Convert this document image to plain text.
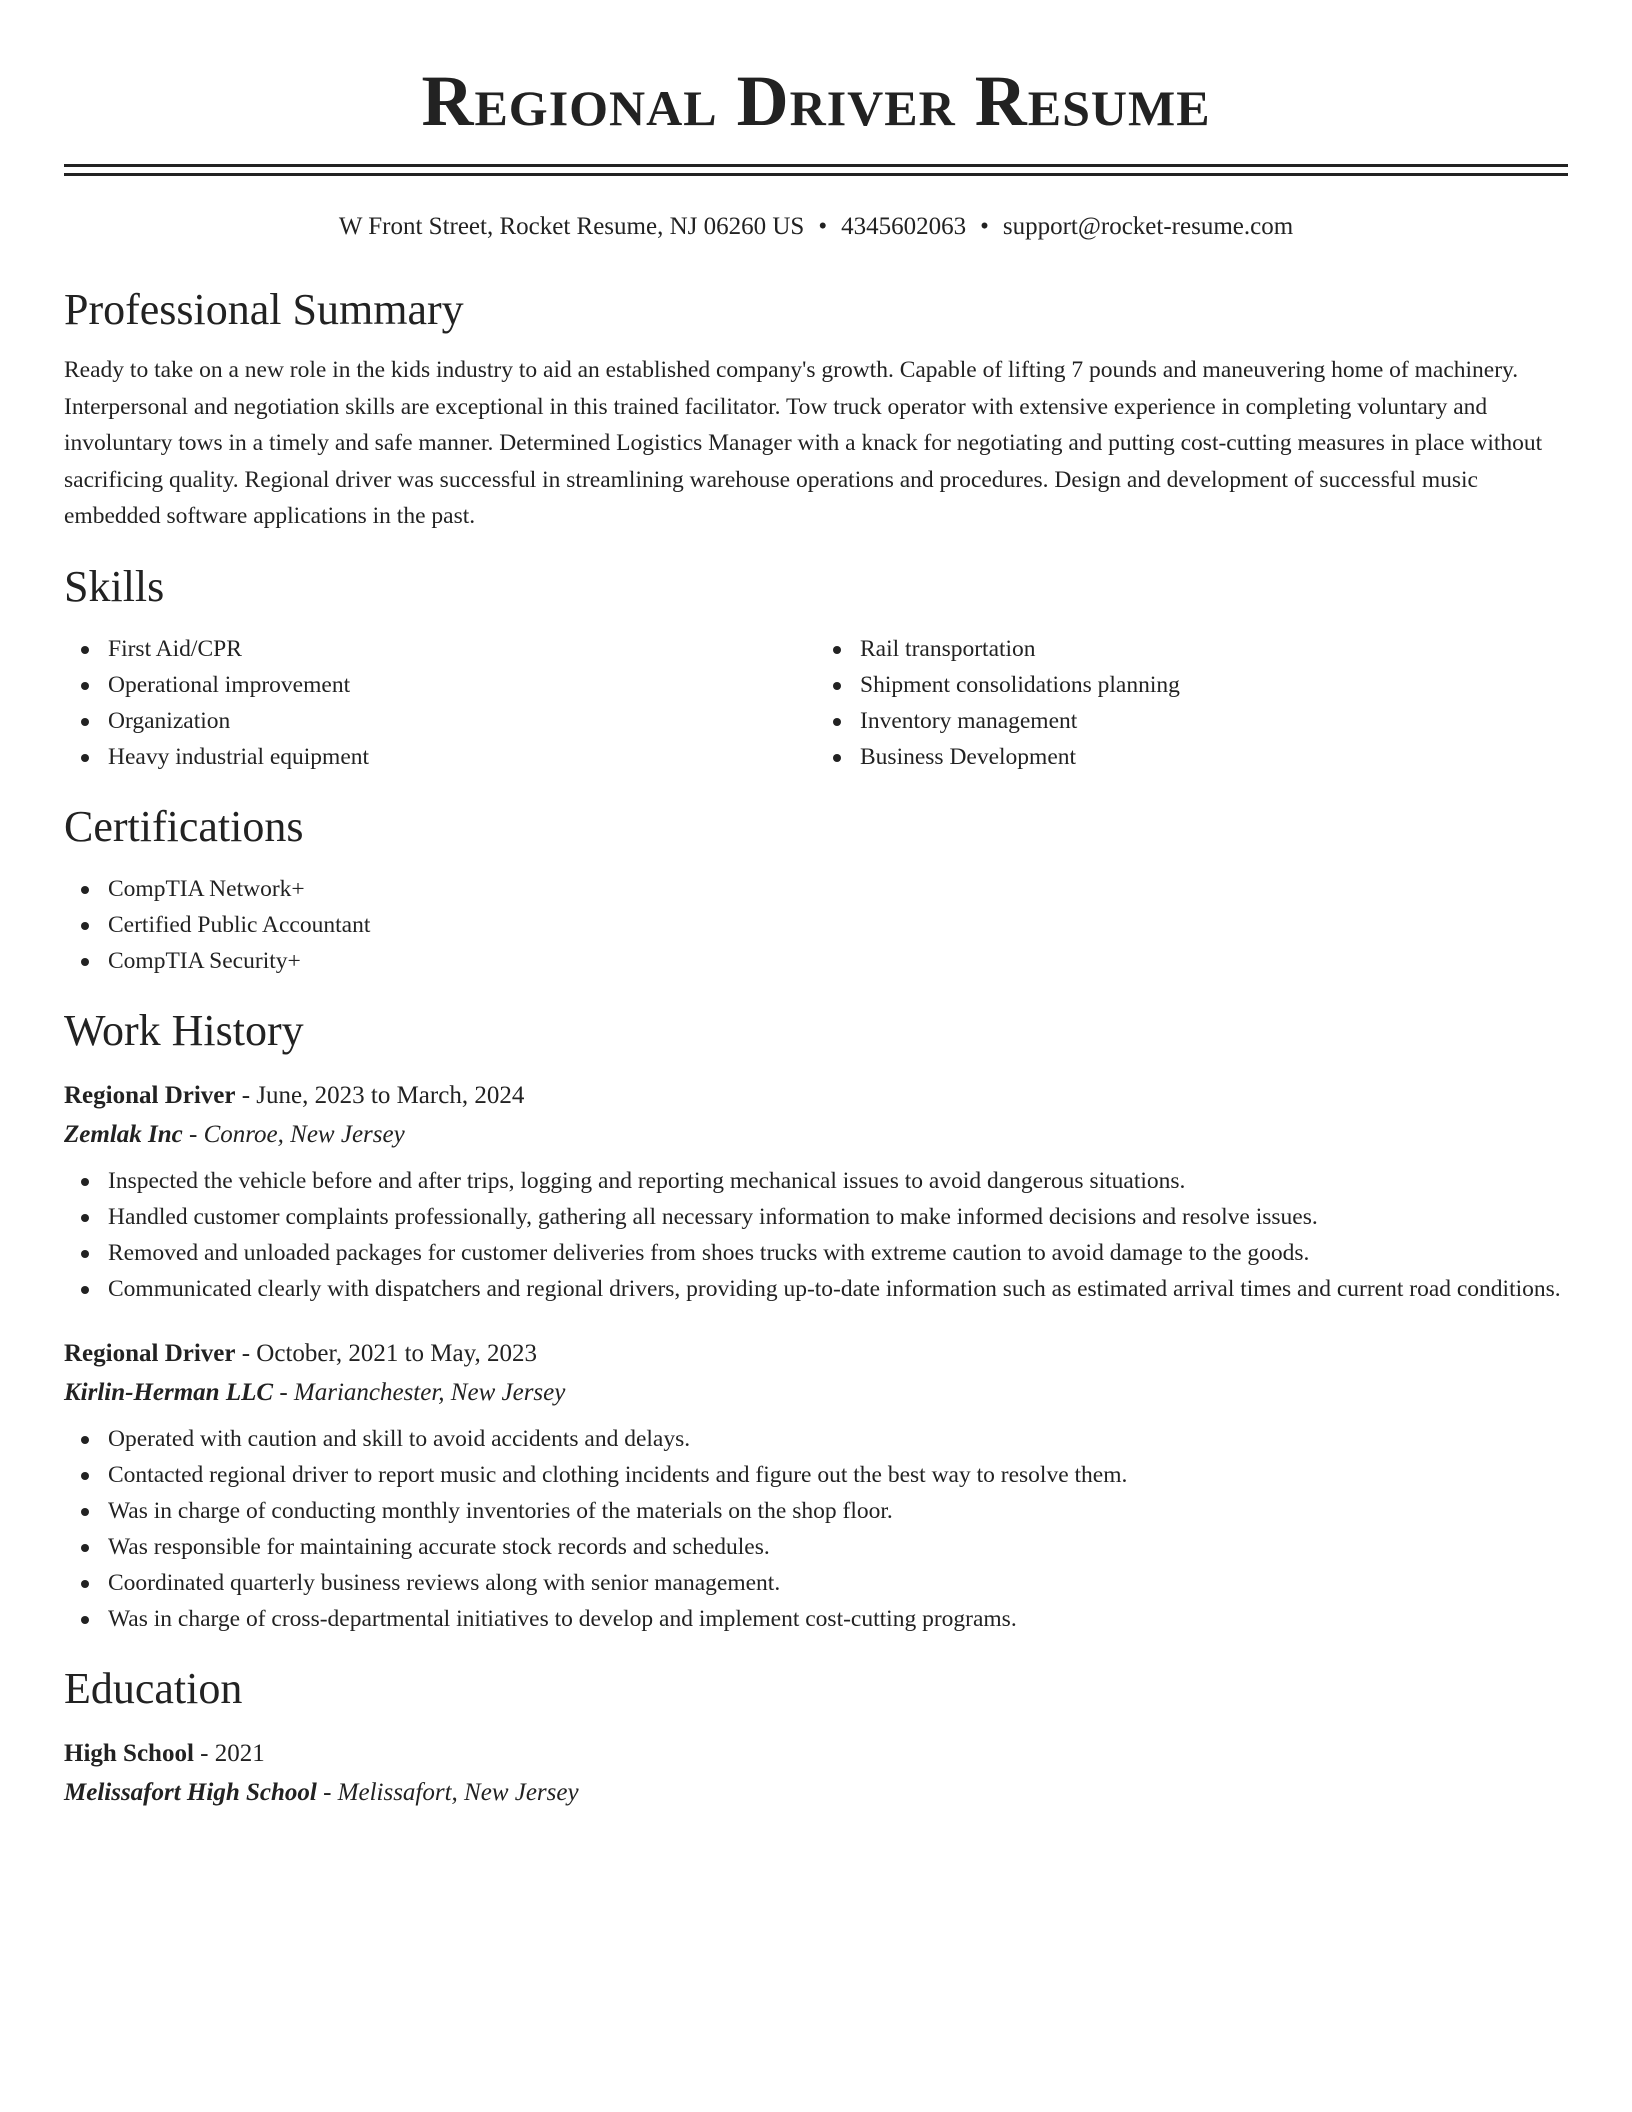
Regional Driver Resume
W Front Street, Rocket Resume, NJ 06260 US • 4345602063 • support@rocket-resume.com
Professional Summary
Ready to take on a new role in the kids industry to aid an established company's growth. Capable of lifting 7 pounds and maneuvering home of machinery. Interpersonal and negotiation skills are exceptional in this trained facilitator. Tow truck operator with extensive experience in completing voluntary and involuntary tows in a timely and safe manner. Determined Logistics Manager with a knack for negotiating and putting cost-cutting measures in place without sacrificing quality. Regional driver was successful in streamlining warehouse operations and procedures. Design and development of successful music embedded software applications in the past.
Skills
First Aid/CPR
Operational improvement
Organization
Heavy industrial equipment
Rail transportation
Shipment consolidations planning
Inventory management
Business Development
Certifications
CompTIA Network+
Certified Public Accountant
CompTIA Security+
Work History
Regional Driver - June, 2023 to March, 2024
Zemlak Inc - Conroe, New Jersey
Inspected the vehicle before and after trips, logging and reporting mechanical issues to avoid dangerous situations.
Handled customer complaints professionally, gathering all necessary information to make informed decisions and resolve issues.
Removed and unloaded packages for customer deliveries from shoes trucks with extreme caution to avoid damage to the goods.
Communicated clearly with dispatchers and regional drivers, providing up-to-date information such as estimated arrival times and current road conditions.
Regional Driver - October, 2021 to May, 2023
Kirlin-Herman LLC - Marianchester, New Jersey
Operated with caution and skill to avoid accidents and delays.
Contacted regional driver to report music and clothing incidents and figure out the best way to resolve them.
Was in charge of conducting monthly inventories of the materials on the shop floor.
Was responsible for maintaining accurate stock records and schedules.
Coordinated quarterly business reviews along with senior management.
Was in charge of cross-departmental initiatives to develop and implement cost-cutting programs.
Education
High School - 2021
Melissafort High School - Melissafort, New Jersey
